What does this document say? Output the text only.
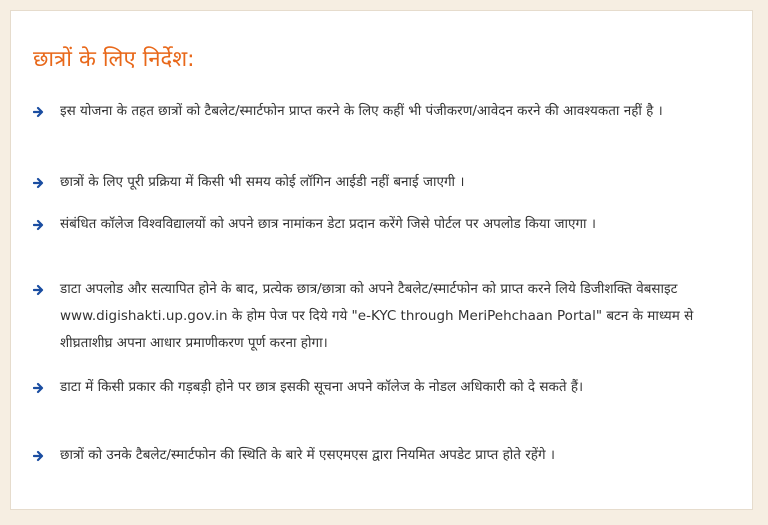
छात्रों के लिए निर्देश:
इस योजना के तहत छात्रों को टैबलेट/स्मार्टफोन प्राप्त करने के लिए कहीं भी पंजीकरण/आवेदन करने की आवश्यकता नहीं है ।
छात्रों के लिए पूरी प्रक्रिया में किसी भी समय कोई लॉगिन आईडी नहीं बनाई जाएगी ।
संबंधित कॉलेज विश्वविद्यालयों को अपने छात्र नामांकन डेटा प्रदान करेंगे जिसे पोर्टल पर अपलोड किया जाएगा ।
डाटा अपलोड और सत्यापित होने के बाद, प्रत्येक छात्र/छात्रा को अपने टैबलेट/स्मार्टफोन को प्राप्त करने लिये डिजीशक्ति वेबसाइट www.digishakti.up.gov.in के होम पेज पर दिये गये "e-KYC through MeriPehchaan Portal" बटन के माध्यम से शीघ्रताशीघ्र अपना आधार प्रमाणीकरण पूर्ण करना होगा।
डाटा में किसी प्रकार की गड़बड़ी होने पर छात्र इसकी सूचना अपने कॉलेज के नोडल अधिकारी को दे सकते हैं।
छात्रों को उनके टैबलेट/स्मार्टफोन की स्थिति के बारे में एसएमएस द्वारा नियमित अपडेट प्राप्त होते रहेंगे ।
